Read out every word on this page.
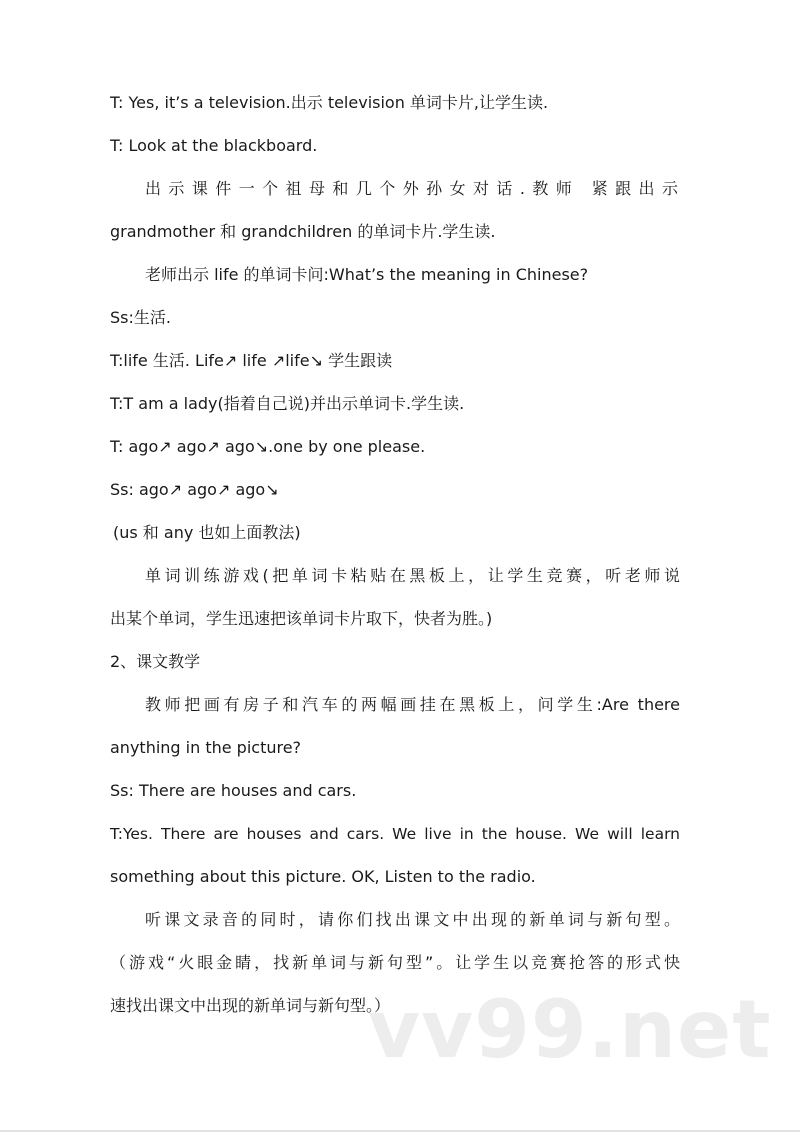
T: Yes, it’s a television.出示 television 单词卡片,让学生读.
T: Look at the blackboard.
出示课件一个祖母和几个外孙女对话.教师 紧跟出示
grandmother 和 grandchildren 的单词卡片.学生读.
老师出示 life 的单词卡问:What’s the meaning in Chinese?
Ss:生活.
T:life 生活. Life↗ life ↗life↘ 学生跟读
T:T am a lady(指着自己说)并出示单词卡.学生读.
T: ago↗ ago↗ ago↘.one by one please.
Ss: ago↗ ago↗ ago↘
(us 和 any 也如上面教法)
单词训练游戏(把单词卡粘贴在黑板上，让学生竞赛，听老师说
出某个单词，学生迅速把该单词卡片取下，快者为胜。)
2、课文教学
教师把画有房子和汽车的两幅画挂在黑板上，问学生:Are there
anything in the picture?
Ss: There are houses and cars.
T:Yes. There are houses and cars. We live in the house. We will learn
something about this picture. OK, Listen to the radio.
听课文录音的同时，请你们找出课文中出现的新单词与新句型。
（游戏“火眼金睛，找新单词与新句型”。让学生以竞赛抢答的形式快
速找出课文中出现的新单词与新句型。）
vv99.net
